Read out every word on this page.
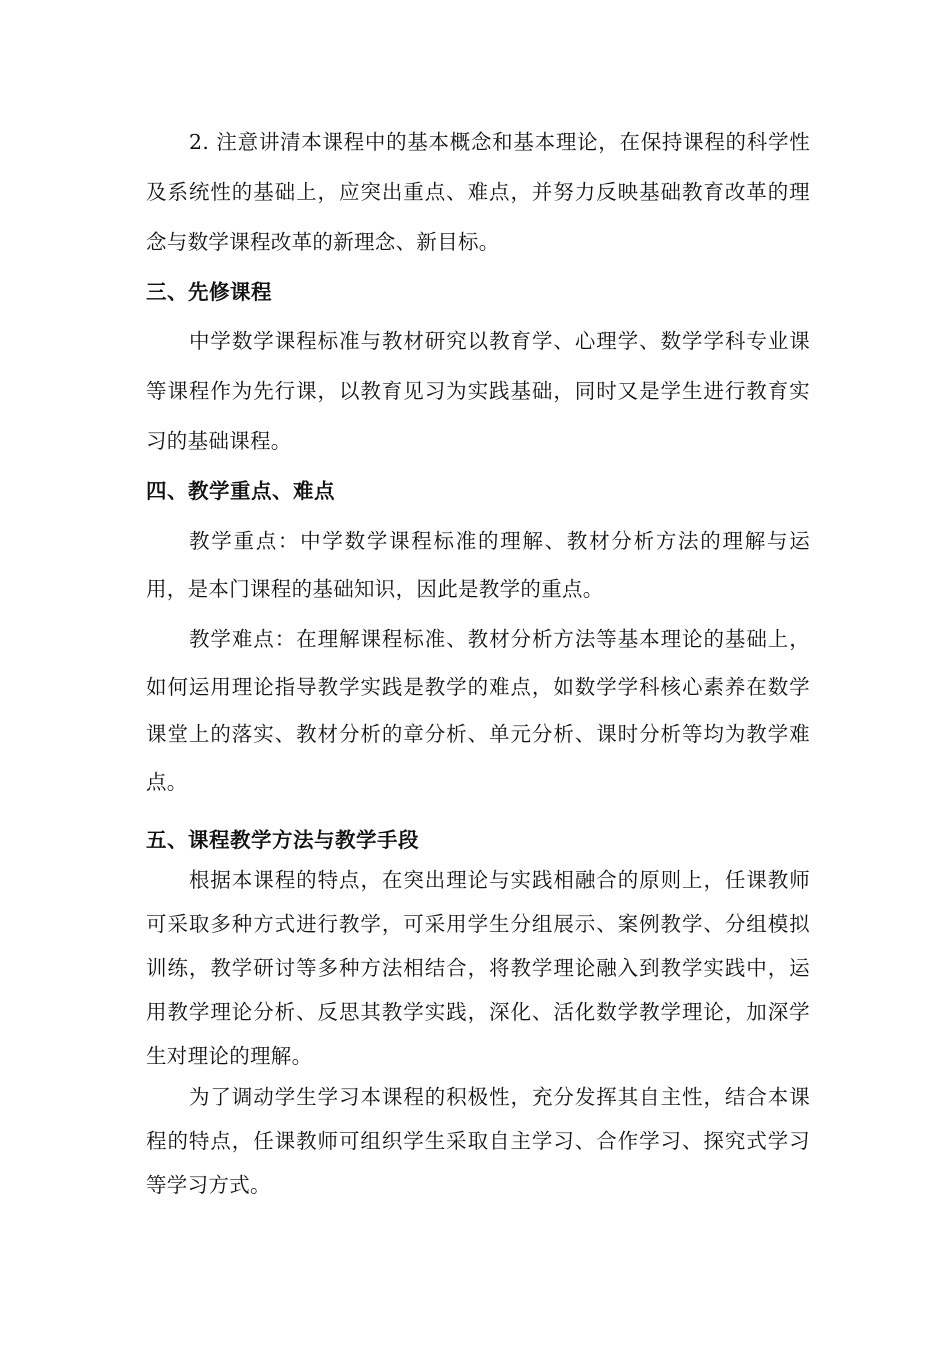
2. 注意讲清本课程中的基本概念和基本理论，在保持课程的科学性及系统性的基础上，应突出重点、难点，并努力反映基础教育改革的理念与数学课程改革的新理念、新目标。

三、先修课程

中学数学课程标准与教材研究以教育学、心理学、数学学科专业课等课程作为先行课，以教育见习为实践基础，同时又是学生进行教育实习的基础课程。

四、教学重点、难点

教学重点：中学数学课程标准的理解、教材分析方法的理解与运用，是本门课程的基础知识，因此是教学的重点。

教学难点：在理解课程标准、教材分析方法等基本理论的基础上，如何运用理论指导教学实践是教学的难点，如数学学科核心素养在数学课堂上的落实、教材分析的章分析、单元分析、课时分析等均为教学难点。

五、课程教学方法与教学手段

根据本课程的特点，在突出理论与实践相融合的原则上，任课教师可采取多种方式进行教学，可采用学生分组展示、案例教学、分组模拟训练，教学研讨等多种方法相结合，将教学理论融入到教学实践中，运用教学理论分析、反思其教学实践，深化、活化数学教学理论，加深学生对理论的理解。

为了调动学生学习本课程的积极性，充分发挥其自主性，结合本课程的特点，任课教师可组织学生采取自主学习、合作学习、探究式学习等学习方式。
